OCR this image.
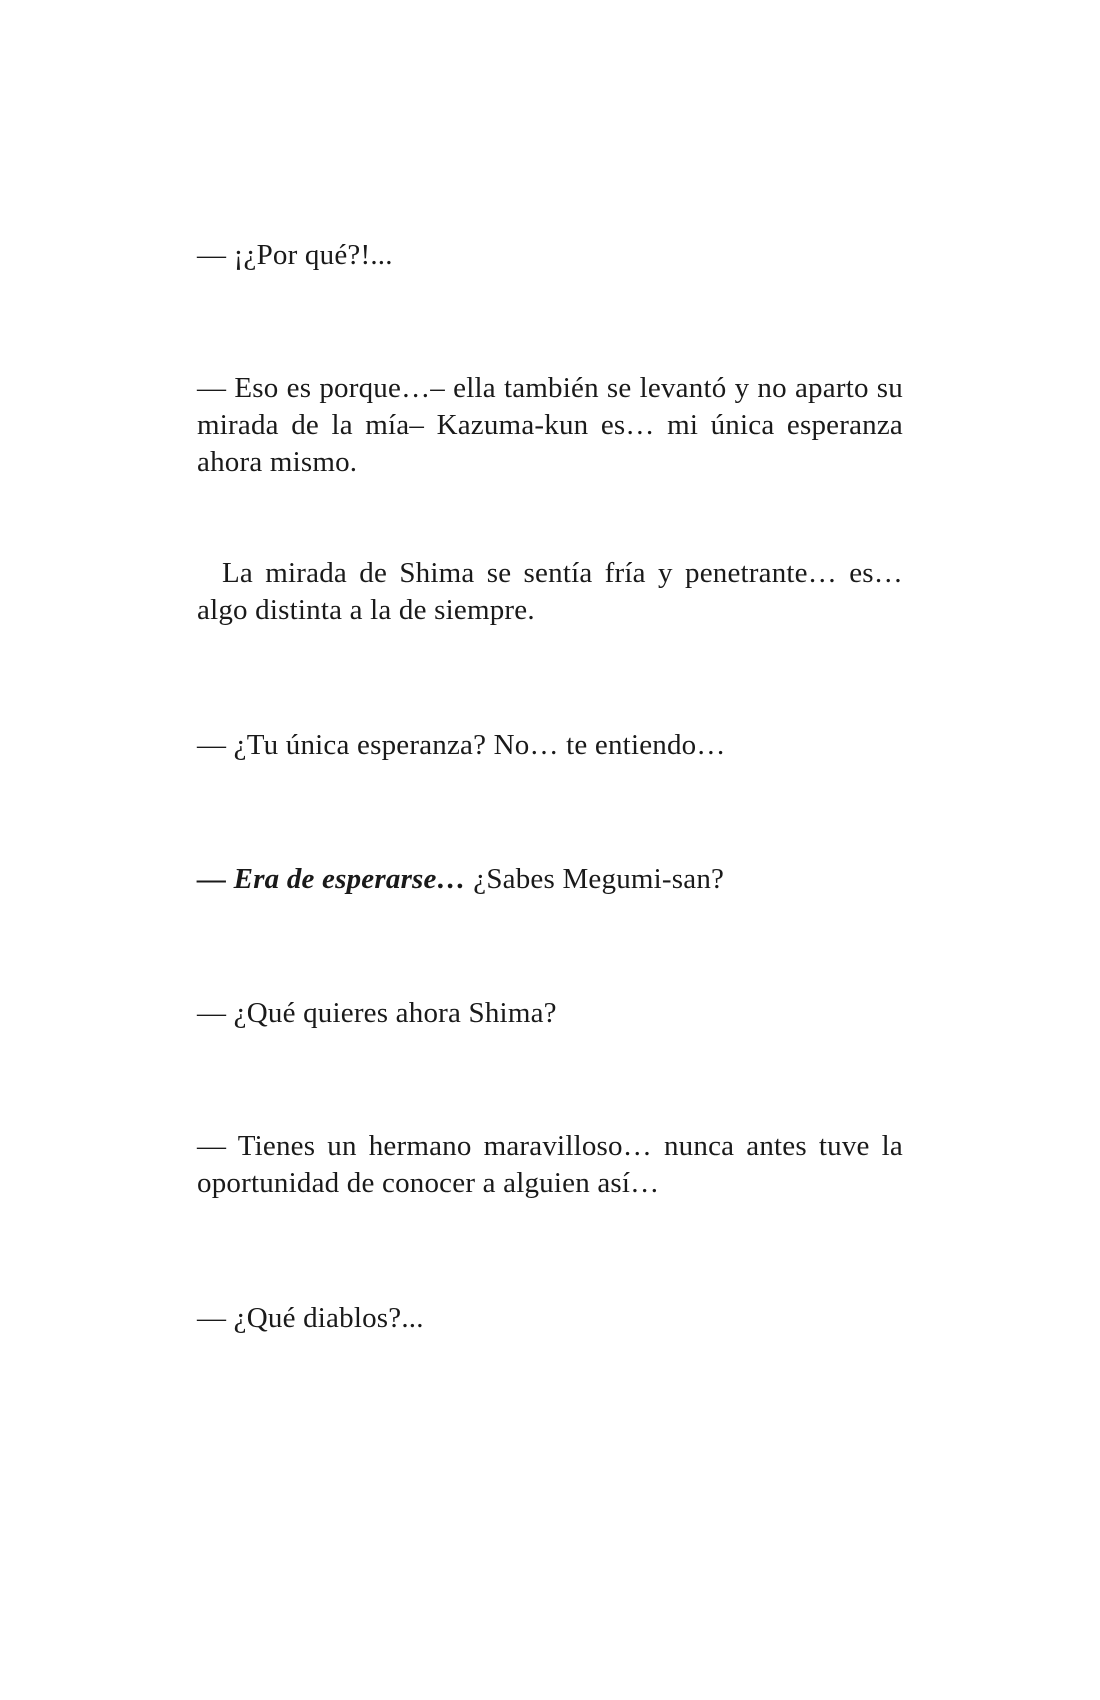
— ¡¿Por qué?!...

— Eso es porque…– ella también se levantó y no aparto su mirada de la mía– Kazuma-kun es… mi única esperanza ahora mismo.

La mirada de Shima se sentía fría y penetrante… es… algo distinta a la de siempre.

— ¿Tu única esperanza? No… te entiendo…

— Era de esperarse… ¿Sabes Megumi-san?

— ¿Qué quieres ahora Shima?

— Tienes un hermano maravilloso… nunca antes tuve la oportunidad de conocer a alguien así…

— ¿Qué diablos?...
